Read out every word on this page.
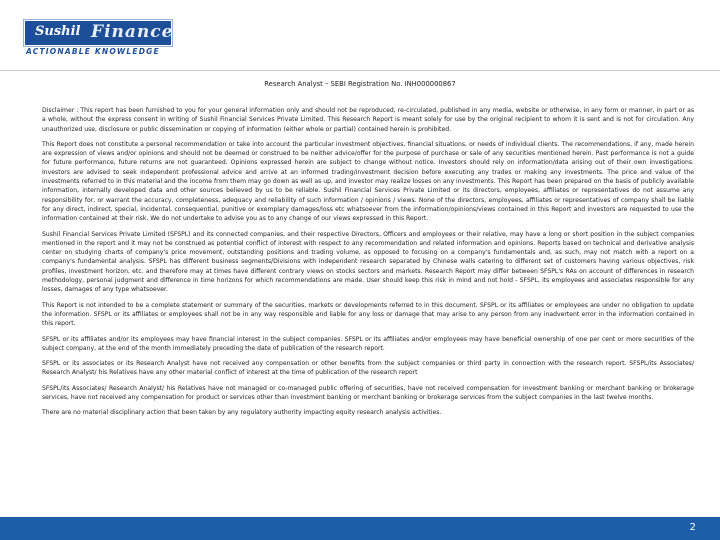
Sushil Finance
ACTIONABLE KNOWLEDGE
Research Analyst – SEBI Registration No. INH000000867

Disclaimer : This report has been furnished to you for your general information only and should not be reproduced, re-circulated, published in any media, website or otherwise, in any form or manner, in part or as a whole, without the express consent in writing of Sushil Financial Services Private Limited. This Research Report is meant solely for use by the original recipient to whom it is sent and is not for circulation. Any unauthorized use, disclosure or public dissemination or copying of information (either whole or partial) contained herein is prohibited.

This Report does not constitute a personal recommendation or take into account the particular investment objectives, financial situations, or needs of individual clients. The recommendations, if any, made herein are expression of views and/or opinions and should not be deemed or construed to be neither advice/offer for the purpose of purchase or sale of any securities mentioned herein. Past performance is not a guide for future performance, future returns are not guaranteed. Opinions expressed herein are subject to change without notice. Investors should rely on information/data arising out of their own investigations. Investors are advised to seek independent professional advice and arrive at an informed trading/investment decision before executing any trades or making any investments. The price and value of the investments referred to in this material and the income from them may go down as well as up, and investor may realize losses on any investments. This Report has been prepared on the basis of publicly available information, internally developed data and other sources believed by us to be reliable. Sushil Financial Services Private Limited or its directors, employees, affiliates or representatives do not assume any responsibility for, or warrant the accuracy, completeness, adequacy and reliability of such information / opinions / views. None of the directors, employees, affiliates or representatives of company shall be liable for any direct, indirect, special, incidental, consequential, punitive or exemplary damages/loss etc whatsoever from the information/opinions/views contained in this Report and investors are requested to use the information contained at their risk. We do not undertake to advise you as to any change of our views expressed in this Report.

Sushil Financial Services Private Limited (SFSPL) and its connected companies, and their respective Directors, Officers and employees or their relative, may have a long or short position in the subject companies mentioned in the report and it may not be construed as potential conflict of interest with respect to any recommendation and related information and opinions. Reports based on technical and derivative analysis center on studying charts of company's price movement, outstanding positions and trading volume, as opposed to focusing on a company's fundamentals and, as such, may not match with a report on a company's fundamental analysis. SFSPL has different business segments/Divisions with independent research separated by Chinese walls catering to different set of customers having various objectives, risk profiles, investment horizon, etc. and therefore may at times have different contrary views on stocks sectors and markets. Research Report may differ between SFSPL's RAs on account of differences in research methodology, personal judgment and difference in time horizons for which recommendations are made. User should keep this risk in mind and not hold - SFSPL, its employees and associates responsible for any losses, damages of any type whatsoever.

This Report is not intended to be a complete statement or summary of the securities, markets or developments referred to in this document. SFSPL or its affiliates or employees are under no obligation to update the information. SFSPL or its affiliates or employees shall not be in any way responsible and liable for any loss or damage that may arise to any person from any inadvertent error in the information contained in this report.

SFSPL or its affiliates and/or its employees may have financial interest in the subject companies. SFSPL or its affiliates and/or employees may have beneficial ownership of one per cent or more securities of the subject company, at the end of the month immediately preceding the date of publication of the research report.

SFSPL or its associates or its Research Analyst have not received any compensation or other benefits from the subject companies or third party in connection with the research report. SFSPL/its Associates/ Research Analyst/ his Relatives have any other material conflict of interest at the time of publication of the research report

SFSPL/its Associates/ Research Analyst/ his Relatives have not managed or co-managed public offering of securities, have not received compensation for investment banking or merchant banking or brokerage services, have not received any compensation for product or services other than investment banking or merchant banking or brokerage services from the subject companies in the last twelve months.

There are no material disciplinary action that been taken by any regulatory authority impacting equity research analysis activities.

2
